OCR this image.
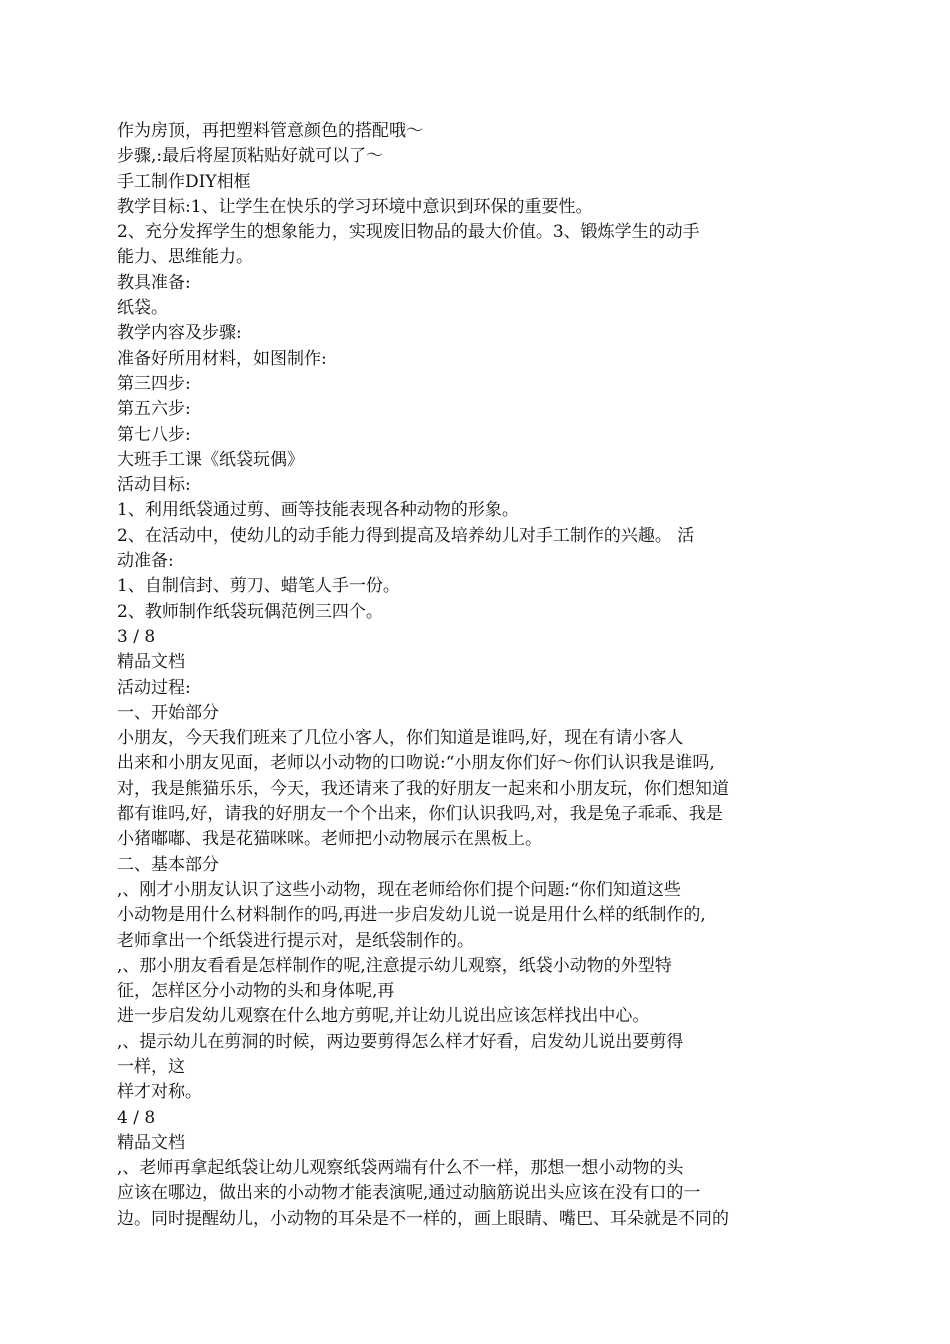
作为房顶，再把塑料管意颜色的搭配哦～
步骤,:最后将屋顶粘贴好就可以了～
手工制作DIY相框
教学目标:1、让学生在快乐的学习环境中意识到环保的重要性。
2、充分发挥学生的想象能力，实现废旧物品的最大价值。3、锻炼学生的动手
能力、思维能力。
教具准备:
纸袋。
教学内容及步骤:
准备好所用材料，如图制作:
第三四步:
第五六步:
第七八步:
大班手工课《纸袋玩偶》
活动目标:
1、利用纸袋通过剪、画等技能表现各种动物的形象。
2、在活动中，使幼儿的动手能力得到提高及培养幼儿对手工制作的兴趣。 活
动准备:
1、自制信封、剪刀、蜡笔人手一份。
2、教师制作纸袋玩偶范例三四个。
3 / 8
精品文档
活动过程:
一、开始部分
小朋友，今天我们班来了几位小客人，你们知道是谁吗,好，现在有请小客人
出来和小朋友见面，老师以小动物的口吻说:“小朋友你们好～你们认识我是谁吗,
对，我是熊猫乐乐，今天，我还请来了我的好朋友一起来和小朋友玩，你们想知道
都有谁吗,好，请我的好朋友一个个出来，你们认识我吗,对，我是兔子乖乖、我是
小猪嘟嘟、我是花猫咪咪。老师把小动物展示在黑板上。
二、基本部分
,、刚才小朋友认识了这些小动物，现在老师给你们提个问题:“你们知道这些
小动物是用什么材料制作的吗,再进一步启发幼儿说一说是用什么样的纸制作的,
老师拿出一个纸袋进行提示对，是纸袋制作的。
,、那小朋友看看是怎样制作的呢,注意提示幼儿观察，纸袋小动物的外型特
征，怎样区分小动物的头和身体呢,再
进一步启发幼儿观察在什么地方剪呢,并让幼儿说出应该怎样找出中心。
,、提示幼儿在剪洞的时候，两边要剪得怎么样才好看，启发幼儿说出要剪得
一样，这
样才对称。
4 / 8
精品文档
,、老师再拿起纸袋让幼儿观察纸袋两端有什么不一样，那想一想小动物的头
应该在哪边，做出来的小动物才能表演呢,通过动脑筋说出头应该在没有口的一
边。同时提醒幼儿，小动物的耳朵是不一样的，画上眼睛、嘴巴、耳朵就是不同的
